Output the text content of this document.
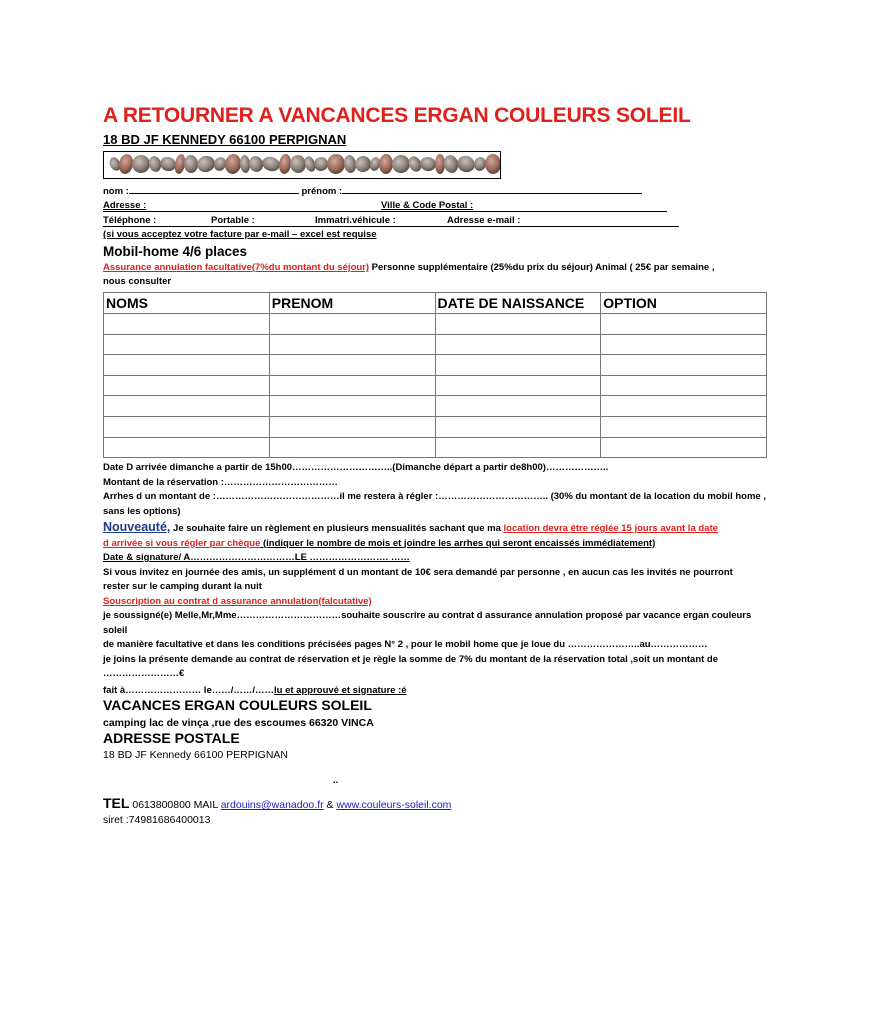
A RETOURNER A VANCANCES ERGAN COULEURS SOLEIL
18 BD JF KENNEDY 66100 PERPIGNAN
nom :	prénom :
Adresse :	Ville & Code Postal :
Téléphone :	Portable :	Immatri.véhicule :	Adresse e-mail :
(si vous acceptez votre facture par e-mail – excel est requise
Mobil-home 4/6 places
Assurance annulation facultative(7%du montant du séjour) Personne supplémentaire (25%du prix du séjour) Animal ( 25€ par semaine ,
nous consulter
NOMS	PRENOM	DATE DE NAISSANCE	OPTION

Date D arrivée dimanche a partir de 15h00…………………………..(Dimanche départ a partir de8h00)………………..
Montant de la réservation :………………………………
Arrhes d un montant de :…………………………………il me restera à régler :…………………………….. (30% du montant de la location du mobil home ,
sans les options)
Nouveauté, Je souhaite faire un règlement en plusieurs mensualités sachant que ma location devra être réglée 15 jours avant la date
d arrivée si vous régler par chèque (indiquer le nombre de mois et joindre les arrhes qui seront encaissés immédiatement)
Date & signature/ A……………………………LE ……………………. ……
Si vous invitez en journée des amis, un supplément d un montant de 10€ sera demandé par personne , en aucun cas les invités ne pourront
rester sur le camping durant la nuit
Souscription au contrat d assurance annulation(falcutative)
je soussigné(e) Melle,Mr,Mme……………………………souhaite souscrire au contrat d assurance annulation proposé par vacance ergan couleurs
soleil
de manière facultative et dans les conditions précisées pages N° 2 , pour le mobil home que je loue du …………………..au………………
je joins la présente demande au contrat de réservation et je règle la somme de 7% du montant de la réservation total ,soit un montant de
……………………€
fait à…………………… le……/……/……lu et approuvé et signature :é
VACANCES ERGAN COULEURS SOLEIL
camping lac de vinça ,rue des escoumes 66320 VINCA
ADRESSE POSTALE
18 BD JF Kennedy 66100 PERPIGNAN
..
TEL 0613800800 MAIL ardouins@wanadoo.fr & www.couleurs-soleil.com
siret :74981686400013
